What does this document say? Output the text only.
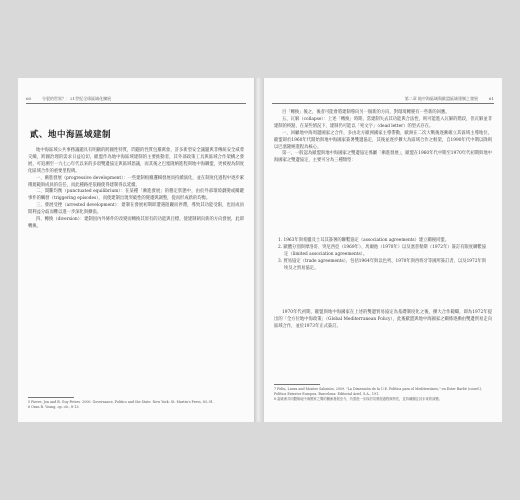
60	分裂的世界？：21世紀全球區域化擴展
貳、地中海區域建制

地中海區域公共事務議題具有明顯的跨國性特質，問題的性質包羅萬象，許多新型安全議題與非傳統安全威脅交織，跨國治理的需求日益迫切。歐盟作為地中海區域建制的主要推動者，其外部政策工具與區域合作架構之發展，可追溯至一九七○年代以來的多項雙邊協定與區域倡議，而其後之巴塞隆納進程與地中海聯盟，更被視為制度化區域合作的重要里程碑。

一、漸進發展（progressive development）：一些建制根據邏輯發展而持續演化，並在制度化過程中逐步累積規範與成員的信任，而此種路徑依賴使得建制得以延續。

二、間斷均衡（punctuated equilibrium）：在某種「漸進發展」的穩定狀態中，由於外部環境劇變或關鍵事件的觸發（triggering episodes），而使建制出現突破性的變遷與調整，從而形成新的均衡。

三、發展受挫（arrested development）：建制在發展初期即遭遇阻礙而停滯，導致其功能受限，也因成員間利益分歧而難以進一步深化與擴張。

四、轉換（diversion）：建制因內外條件的改變而轉換其原有的功能與目標，使建制朝向新的方向發展，此即轉換。

5 Pierre, Jon and B. Guy Peters. 2000. Governance, Politics and the State. New York: St. Martin's Press, 83–91.

6 Oran R. Young, op. cit., 8-13.

第二章 地中海區域與歐盟區域建制之發展	61

目「轉換」後之，後者可能會將建制導向另一個新的方向，對環境轉變有一些新的回應。

五、瓦解（collapse）：上述「轉換」時期，當建制失去其功能與合法性，則可能進入瓦解的階段，但瓦解並非建制的終點，在某些情況下，建制仍可能以「死文字」（dead letter）的型式存在。

一、回顧地中海周邊國家之合作，多由北方歐洲國家主導帶動，歐洲在二次大戰後逐漸確立其區域主導地位，歐盟即於1960年代開始與地中海國家簽署雙邊協定，其後並逐步擴大為區域合作之框架，自1990年代中期以降則以巴塞隆納進程為核心。

第一，一般認為歐盟與地中海國家之雙邊協定係屬「漸進發展」，歐盟在1960年代中期至1970年代初期與地中海國家之雙邊協定，主要可分為三種類型：

1. 1963年與希臘及土耳其簽署的聯繫協定（association agreements）建立關稅同盟。

2. 歐體分別與摩洛哥、突尼西亞（1969年）、馬爾他（1970年）以及塞普勒斯（1972年）簽訂有限度聯繫協定（limited association agreements）。

3. 貿易協定（trade agreements），包括1964年與以色列、1970年與西班牙等國所簽訂者，以及1972年與埃及之貿易協定。

1970年代初期，歐盟與地中海國家在上述的雙邊貿易協定為基礎制度化之後，擴大合作範疇，即為1972年提出的「全方位地中海政策」（Global Mediterranean Policy），此後歐盟與地中海國家之關係逐漸由雙邊貿易走向區域合作，並於1973年正式簽訂。

7 Feliu, Laura and Montse Salomón. 2009. "La Dimensión de la U.E. Política para el Mediterráneo," en Ester Barbé (coord.), Política Exterior Europea. Barcelona: Editorial Ariel, S.A., 191.

8 當歐洲共同體與地中海國家之間的關係發展至今，仍需進一步探討其發展過程與特性，並持續關注其未來的演變。
